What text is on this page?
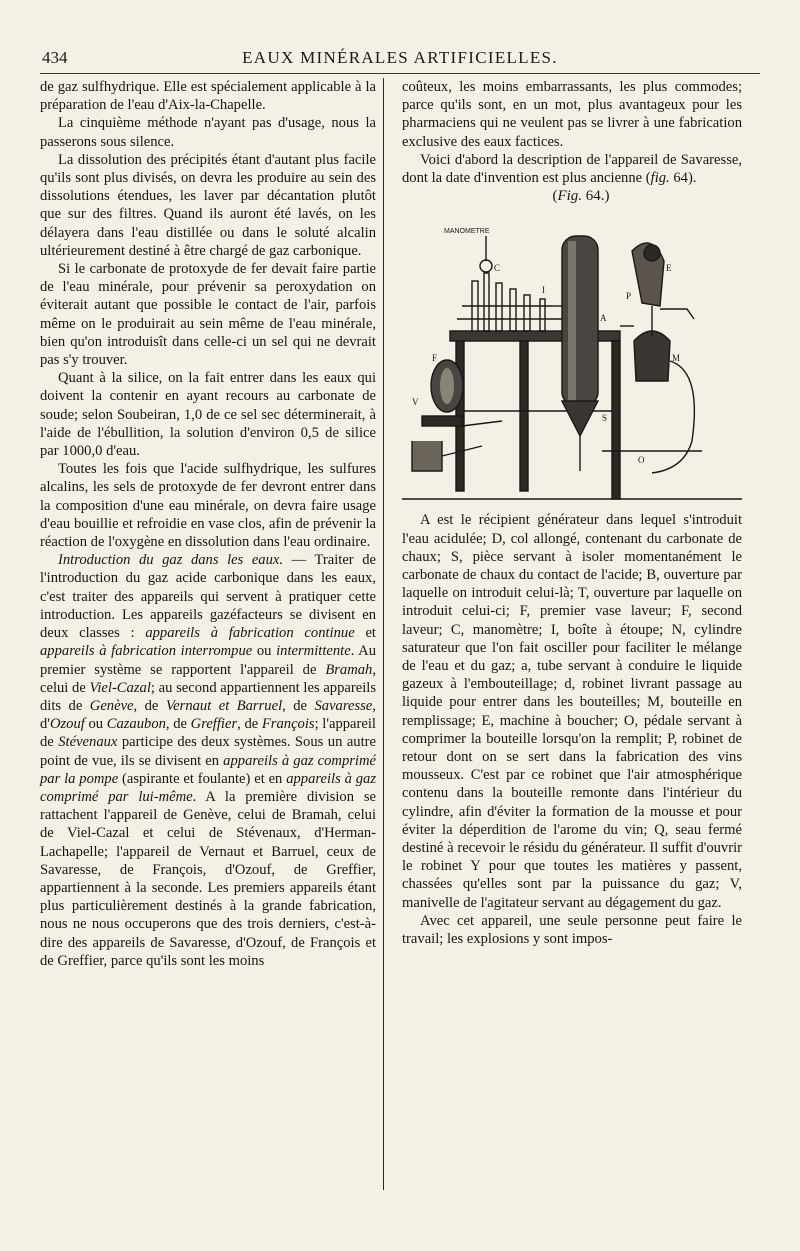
434	EAUX MINÉRALES ARTIFICIELLES.

de gaz sulfhydrique. Elle est spécialement applicable à la préparation de l'eau d'Aix-la-Chapelle.

La cinquième méthode n'ayant pas d'usage, nous la passerons sous silence.

La dissolution des précipités étant d'autant plus facile qu'ils sont plus divisés, on devra les produire au sein des dissolutions étendues, les laver par décantation plutôt que sur des filtres. Quand ils auront été lavés, on les délayera dans l'eau distillée ou dans le soluté alcalin ultérieurement destiné à être chargé de gaz carbonique.

Si le carbonate de protoxyde de fer devait faire partie de l'eau minérale, pour prévenir sa peroxydation on éviterait autant que possible le contact de l'air, parfois même on le produirait au sein même de l'eau minérale, bien qu'on introduisît dans celle-ci un sel qui ne devrait pas s'y trouver.

Quant à la silice, on la fait entrer dans les eaux qui doivent la contenir en ayant recours au carbonate de soude; selon Soubeiran, 1,0 de ce sel sec déterminerait, à l'aide de l'ébullition, la solution d'environ 0,5 de silice par 1000,0 d'eau.

Toutes les fois que l'acide sulfhydrique, les sulfures alcalins, les sels de protoxyde de fer devront entrer dans la composition d'une eau minérale, on devra faire usage d'eau bouillie et refroidie en vase clos, afin de prévenir la réaction de l'oxygène en dissolution dans l'eau ordinaire.

Introduction du gaz dans les eaux. — Traiter de l'introduction du gaz acide carbonique dans les eaux, c'est traiter des appareils qui servent à pratiquer cette introduction. Les appareils gazéfacteurs se divisent en deux classes : appareils à fabrication continue et appareils à fabrication interrompue ou intermittente. Au premier système se rapportent l'appareil de Bramah, celui de Viel-Cazal; au second appartiennent les appareils dits de Genève, de Vernaut et Barruel, de Savaresse, d'Ozouf ou Cazaubon, de Greffier, de François; l'appareil de Stévenaux participe des deux systèmes. Sous un autre point de vue, ils se divisent en appareils à gaz comprimé par la pompe (aspirante et foulante) et en appareils à gaz comprimé par lui-même. A la première division se rattachent l'appareil de Genève, celui de Bramah, celui de Viel-Cazal et celui de Stévenaux, d'Herman-Lachapelle; l'appareil de Vernaut et Barruel, ceux de Savaresse, de François, d'Ozouf, de Greffier, appartiennent à la seconde. Les premiers appareils étant plus particulièrement destinés à la grande fabrication, nous ne nous occuperons que des trois derniers, c'est-à-dire des appareils de Savaresse, d'Ozouf, de François et de Greffier, parce qu'ils sont les moins

coûteux, les moins embarrassants, les plus commodes; parce qu'ils sont, en un mot, plus avantageux pour les pharmaciens qui ne veulent pas se livrer à une fabrication exclusive des eaux factices.

Voici d'abord la description de l'appareil de Savaresse, dont la date d'invention est plus ancienne (fig. 64).

(Fig. 64.)

MANOMETRE
C
A
P
V
S
F	M
I
O
E

A est le récipient générateur dans lequel s'introduit l'eau acidulée; D, col allongé, contenant du carbonate de chaux; S, pièce servant à isoler momentanément le carbonate de chaux du contact de l'acide; B, ouverture par laquelle on introduit celui-là; T, ouverture par laquelle on introduit celui-ci; F, premier vase laveur; F, second laveur; C, manomètre; I, boîte à étoupe; N, cylindre saturateur que l'on fait osciller pour faciliter le mélange de l'eau et du gaz; a, tube servant à conduire le liquide gazeux à l'embouteillage; d, robinet livrant passage au liquide pour entrer dans les bouteilles; M, bouteille en remplissage; E, machine à boucher; O, pédale servant à comprimer la bouteille lorsqu'on la remplit; P, robinet de retour dont on se sert dans la fabrication des vins mousseux. C'est par ce robinet que l'air atmosphérique contenu dans la bouteille remonte dans l'intérieur du cylindre, afin d'éviter la formation de la mousse et pour éviter la déperdition de l'arome du vin; Q, seau fermé destiné à recevoir le résidu du générateur. Il suffit d'ouvrir le robinet Y pour que toutes les matières y passent, chassées qu'elles sont par la puissance du gaz; V, manivelle de l'agitateur servant au dégagement du gaz.

Avec cet appareil, une seule personne peut faire le travail; les explosions y sont impos-
